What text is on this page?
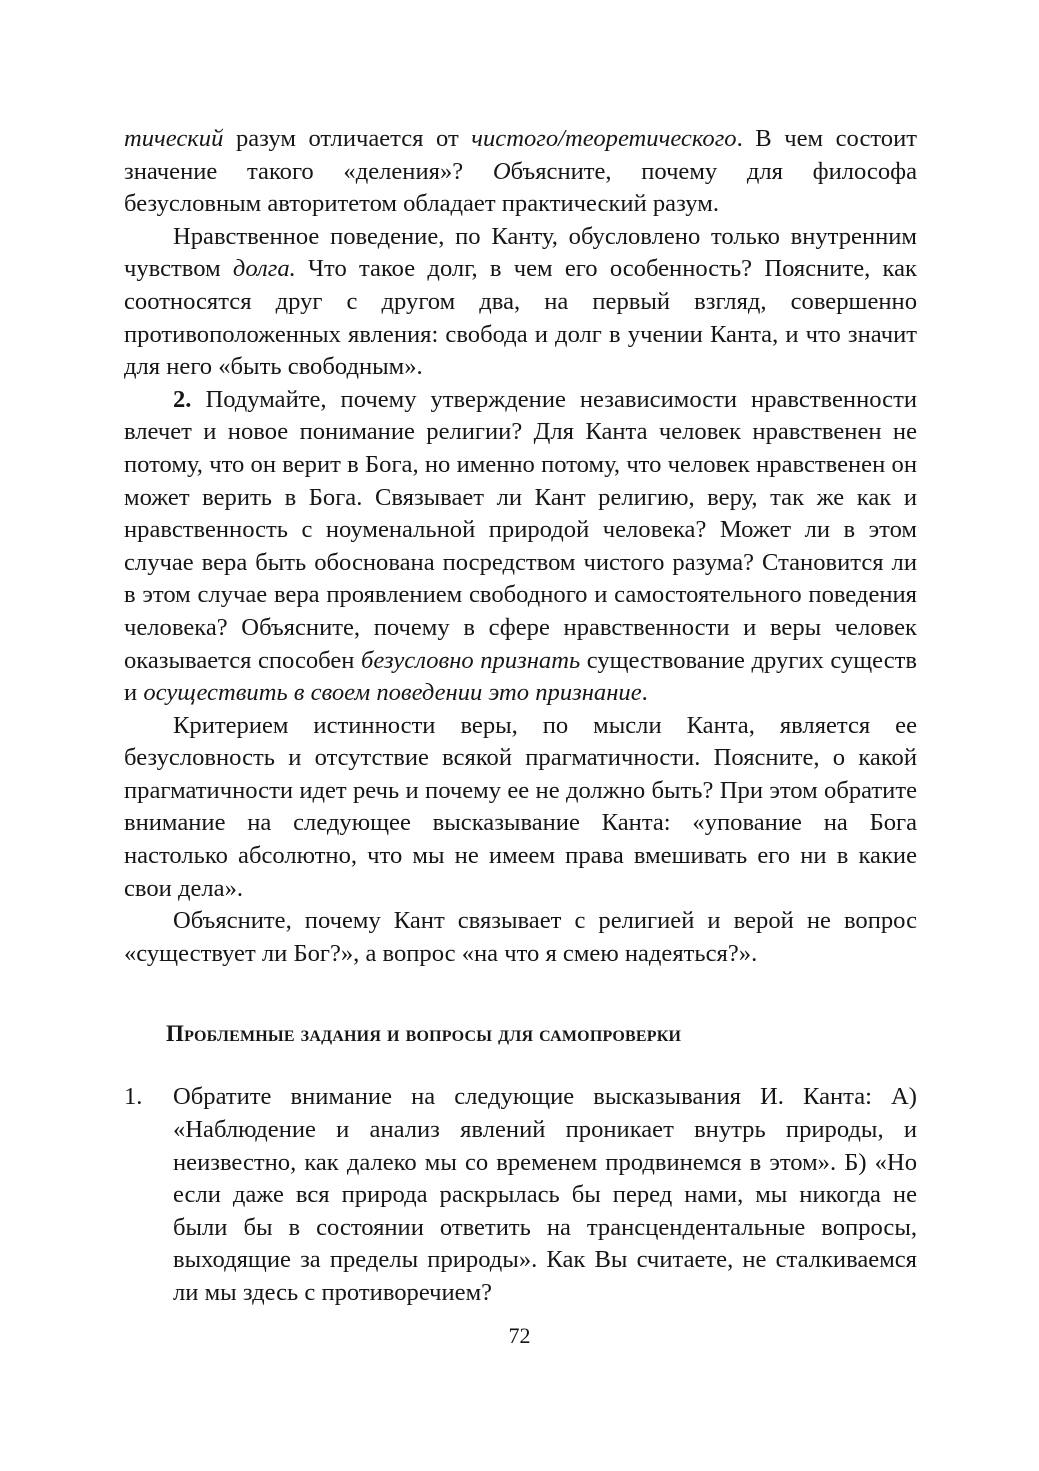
тический разум отличается от чистого/теоретического. В чем состоит значение такого «деления»? Объясните, почему для философа безусловным авторитетом обладает практический разум.

Нравственное поведение, по Канту, обусловлено только внутренним чувством долга. Что такое долг, в чем его особенность? Поясните, как соотносятся друг с другом два, на первый взгляд, совершенно противоположенных явления: свобода и долг в учении Канта, и что значит для него «быть свободным».

2. Подумайте, почему утверждение независимости нравственности влечет и новое понимание религии? Для Канта человек нравственен не потому, что он верит в Бога, но именно потому, что человек нравственен он может верить в Бога. Связывает ли Кант религию, веру, так же как и нравственность с ноуменальной природой человека? Может ли в этом случае вера быть обоснована посредством чистого разума? Становится ли в этом случае вера проявлением свободного и самостоятельного поведения человека? Объясните, почему в сфере нравственности и веры человек оказывается способен безусловно признать существование других существ и осуществить в своем поведении это признание.

Критерием истинности веры, по мысли Канта, является ее безусловность и отсутствие всякой прагматичности. Поясните, о какой прагматичности идет речь и почему ее не должно быть? При этом обратите внимание на следующее высказывание Канта: «упование на Бога настолько абсолютно, что мы не имеем права вмешивать его ни в какие свои дела».

Объясните, почему Кант связывает с религией и верой не вопрос «существует ли Бог?», а вопрос «на что я смею надеяться?».

Проблемные задания и вопросы для самопроверки
1. Обратите внимание на следующие высказывания И. Канта: А) «Наблюдение и анализ явлений проникает внутрь природы, и неизвестно, как далеко мы со временем продвинемся в этом». Б) «Но если даже вся природа раскрылась бы перед нами, мы никогда не были бы в состоянии ответить на трансцендентальные вопросы, выходящие за пределы природы». Как Вы считаете, не сталкиваемся ли мы здесь с противоречием?

72
